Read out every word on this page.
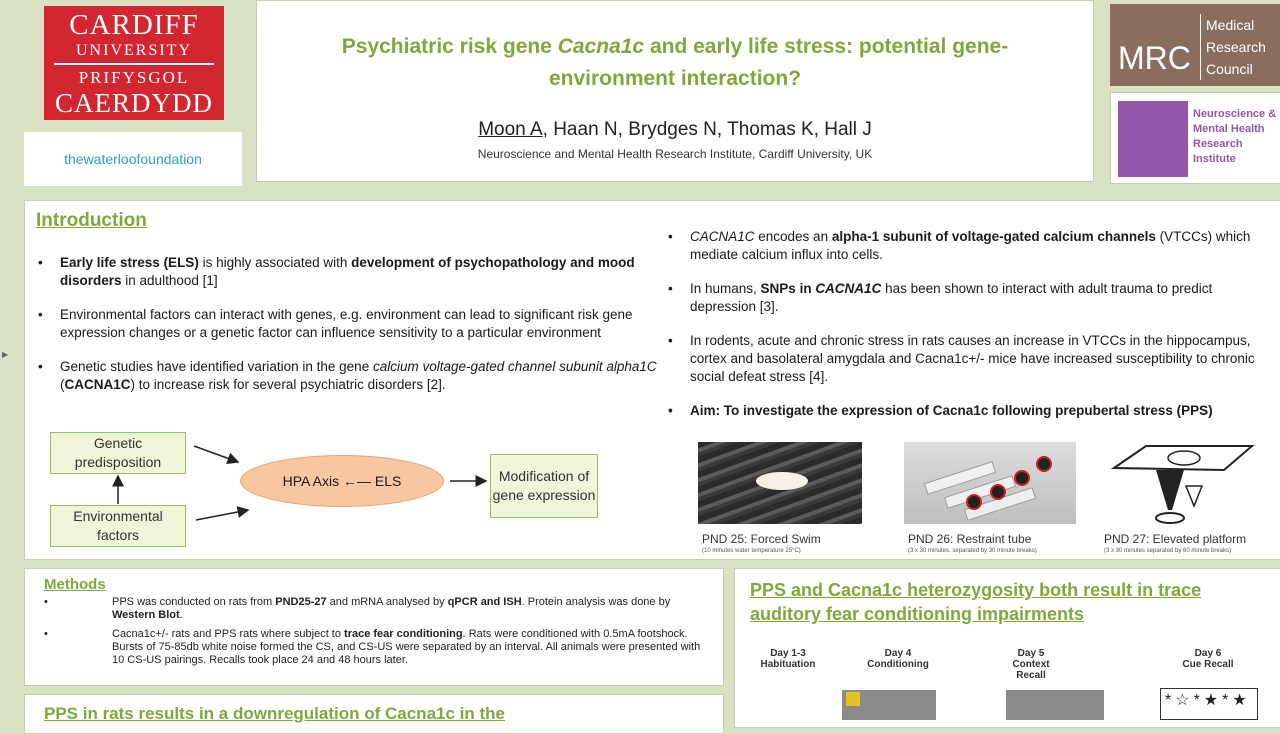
▶
CARDIFF
UNIVERSITY
PRIFYSGOL
CAERDYDD
thewaterloofoundation
Psychiatric risk gene Cacna1c and early life stress: potential gene-environment interaction?
Moon A, Haan N, Brydges N, Thomas K, Hall J
Neuroscience and Mental Health Research Institute, Cardiff University, UK
MRC
Medical
Research
Council
Neuroscience &
Mental Health
Research
Institute
Introduction
• Early life stress (ELS) is highly associated with development of psychopathology and mood disorders in adulthood [1]
• Environmental factors can interact with genes, e.g. environment can lead to significant risk gene expression changes or a genetic factor can influence sensitivity to a particular environment
• Genetic studies have identified variation in the gene calcium voltage-gated channel subunit alpha1C (CACNA1C) to increase risk for several psychiatric disorders [2].
• CACNA1C encodes an alpha-1 subunit of voltage-gated calcium channels (VTCCs) which mediate calcium influx into cells.
• In humans, SNPs in CACNA1C has been shown to interact with adult trauma to predict depression [3].
• In rodents, acute and chronic stress in rats causes an increase in VTCCs in the hippocampus, cortex and basolateral amygdala and Cacna1c+/- mice have increased susceptibility to chronic social defeat stress [4].
• Aim: To investigate the expression of Cacna1c following prepubertal stress (PPS)
Genetic predisposition
Environmental factors
HPA Axis ←— ELS	Modification of gene expression
PND 25: Forced Swim
(10 minutes water temperature 25°C)
PND 26: Restraint tube
(3 x 30 minutes, separated by 30 minute breaks)
PND 27: Elevated platform
(3 x 30 minutes separated by 60 minute breaks)
Methods
• PPS was conducted on rats from PND25-27 and mRNA analysed by qPCR and ISH. Protein analysis was done by Western Blot.
• Cacna1c+/- rats and PPS rats where subject to trace fear conditioning. Rats were conditioned with 0.5mA footshock. Bursts of 75-85db white noise formed the CS, and CS-US were separated by an interval. All animals were presented with 10 CS-US pairings. Recalls took place 24 and 48 hours later.
PPS in rats results in a downregulation of Cacna1c in the
PPS and Cacna1c heterozygosity both result in trace auditory fear conditioning impairments
Day 1-3
Habituation
Day 4
Conditioning
Day 5
Context Recall
Day 6
Cue Recall
*☆*★*★
